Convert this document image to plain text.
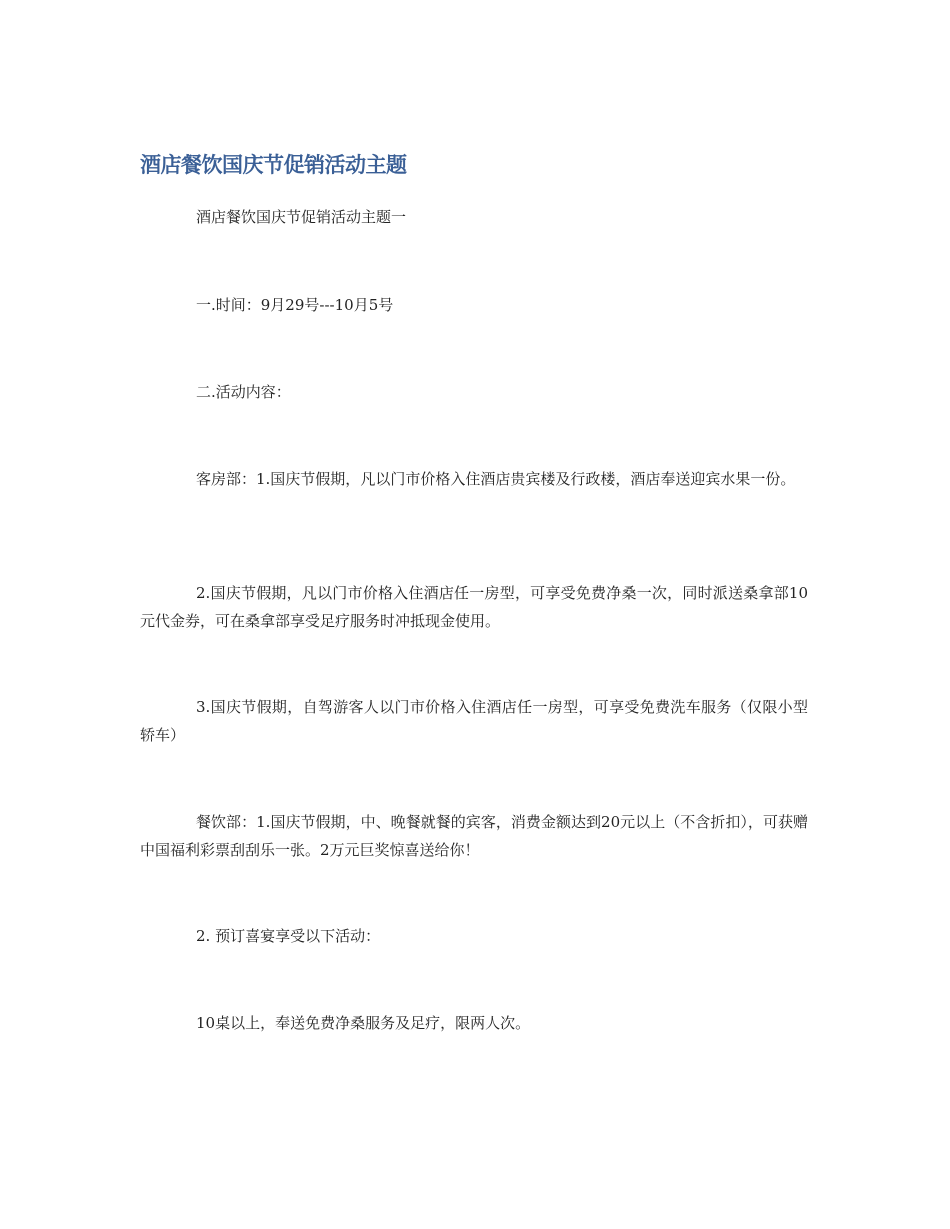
酒店餐饮国庆节促销活动主题

酒店餐饮国庆节促销活动主题一

一.时间：9月29号---10月5号

二.活动内容：

客房部：1.国庆节假期，凡以门市价格入住酒店贵宾楼及行政楼，酒店奉送迎宾水果一份。

2.国庆节假期，凡以门市价格入住酒店任一房型，可享受免费净桑一次，同时派送桑拿部10元代金券，可在桑拿部享受足疗服务时冲抵现金使用。

3.国庆节假期，自驾游客人以门市价格入住酒店任一房型，可享受免费洗车服务（仅限小型轿车）

餐饮部：1.国庆节假期，中、晚餐就餐的宾客，消费金额达到20元以上（不含折扣），可获赠中国福利彩票刮刮乐一张。2万元巨奖惊喜送给你！

2. 预订喜宴享受以下活动：

10桌以上，奉送免费净桑服务及足疗，限两人次。
